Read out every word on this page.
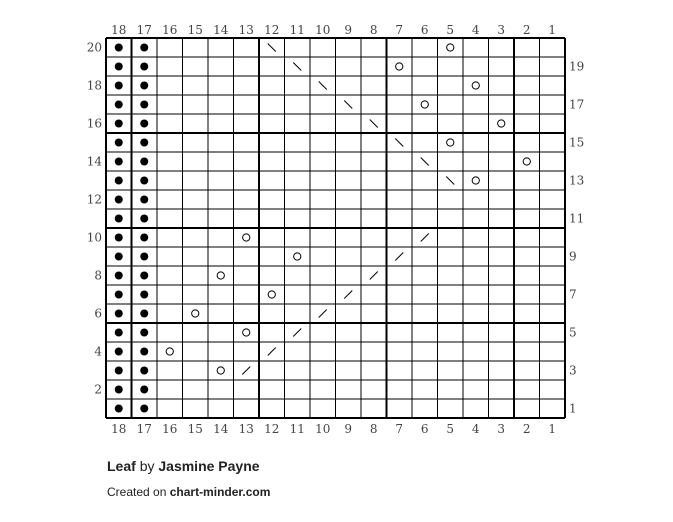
18
18
17
17
16
16
15
15
14
14
13
13
12
12
11
11
10
10
9
9
8
8
7
7
6
6
5
5
4
4
3
3
2
2
1
1
20
18
16
14
12
10
8
6
4
2
19
17
15
13
11
9
7
5
3
1
Leaf by Jasmine Payne
Created on chart-minder.com
